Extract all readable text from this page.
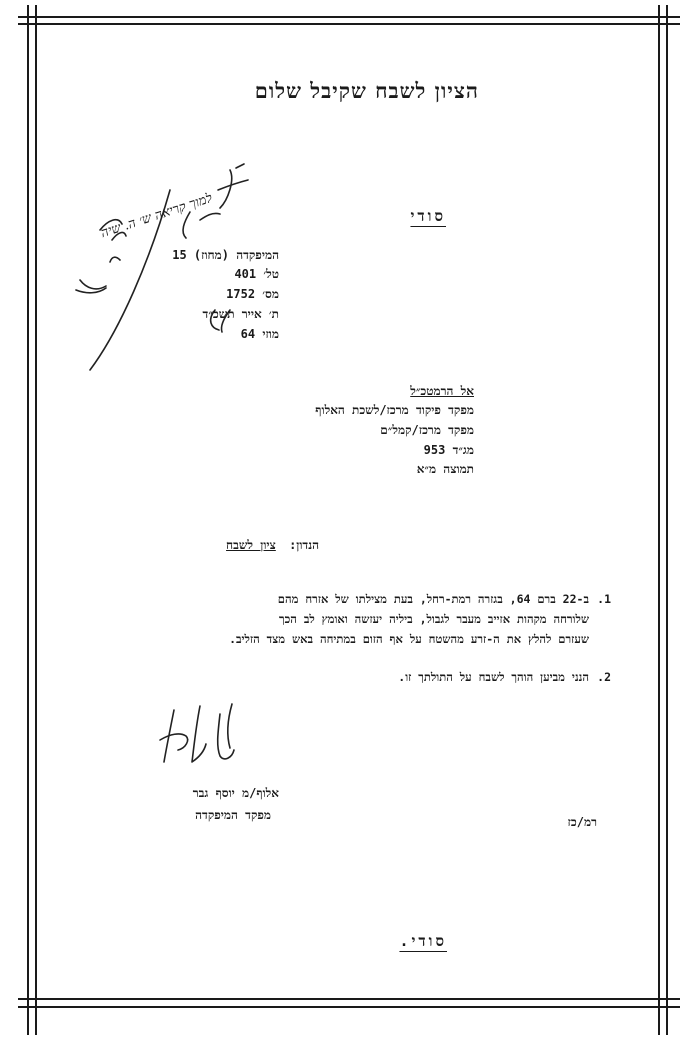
הציון לשבח שקיבל שלום
סודי
למוך קריאה ש׳ ה. שיה
המיפקדה (מחוז) 15
טל׳ 401
מס׳ 1752
ת׳ אייר תשכ״ד
מוזי 64
אל הרמטכ״ל
מפקד פיקוד מרכז/לשכת האלוף
מפקד מרכז/קמל״ם
מג״ד 953
תמוצה מ״א
הנדון: ציון לשבח
1.
ב-22 ברם 64, בגזרה רמת-רחל, בעת מצילתו של אזרח מהם
שלורחה מקהות אזייב מעבר לגבול, ביליה יעזשה ואומץ לב הכך
שעזרם להלץ את ה-זרע מהשטח על אף הזום במתיחה באש מצד הזליב.
2.
הנני מביען הוהך לשבח על התולתך זו.
אלוף/מ יוסף גבר
מפקד המיפקדה	רמ/כז
סודי.
